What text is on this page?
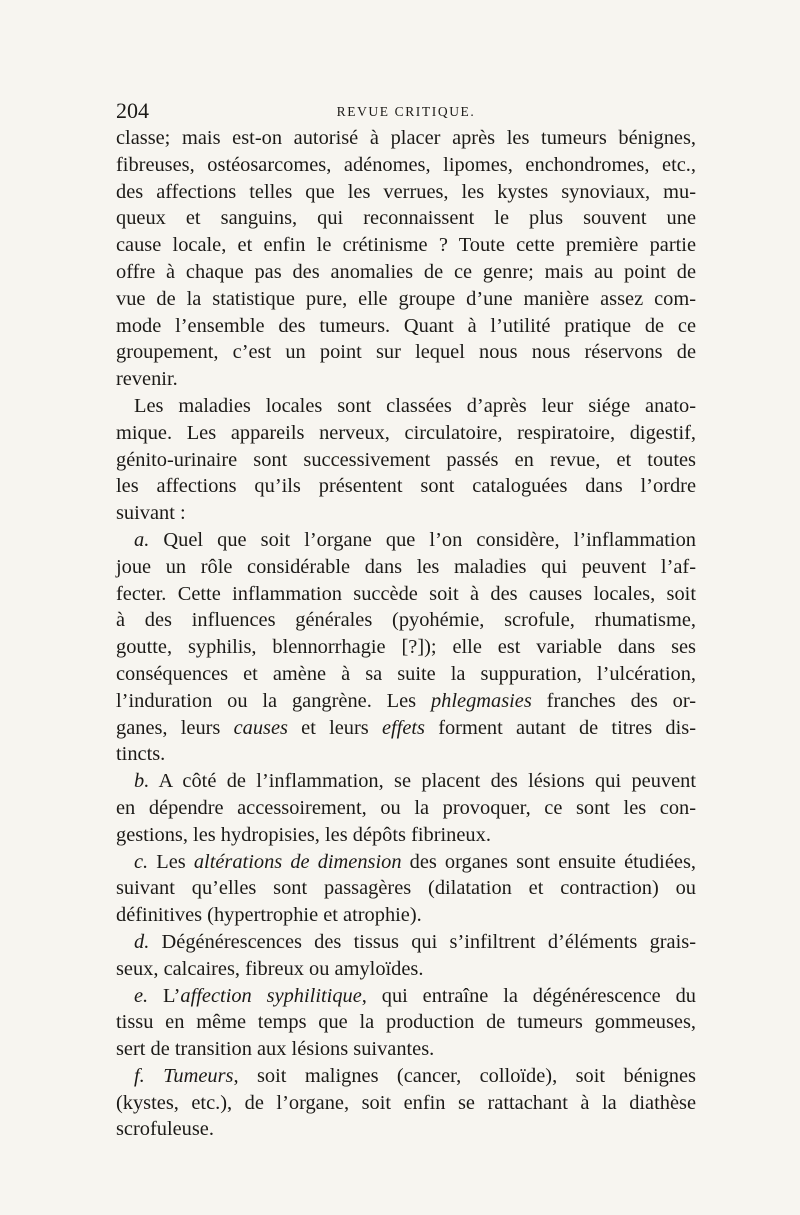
204	REVUE CRITIQUE.
classe; mais est-on autorisé à placer après les tumeurs bénignes,
fibreuses, ostéosarcomes, adénomes, lipomes, enchondromes, etc.,
des affections telles que les verrues, les kystes synoviaux, mu-
queux et sanguins, qui reconnaissent le plus souvent une
cause locale, et enfin le crétinisme ? Toute cette première partie
offre à chaque pas des anomalies de ce genre; mais au point de
vue de la statistique pure, elle groupe d’une manière assez com-
mode l’ensemble des tumeurs. Quant à l’utilité pratique de ce
groupement, c’est un point sur lequel nous nous réservons de
revenir.
Les maladies locales sont classées d’après leur siége anato-
mique. Les appareils nerveux, circulatoire, respiratoire, digestif,
génito-urinaire sont successivement passés en revue, et toutes
les affections qu’ils présentent sont cataloguées dans l’ordre
suivant :
a. Quel que soit l’organe que l’on considère, l’inflammation
joue un rôle considérable dans les maladies qui peuvent l’af-
fecter. Cette inflammation succède soit à des causes locales, soit
à des influences générales (pyohémie, scrofule, rhumatisme,
goutte, syphilis, blennorrhagie [?]); elle est variable dans ses
conséquences et amène à sa suite la suppuration, l’ulcération,
l’induration ou la gangrène. Les phlegmasies franches des or-
ganes, leurs causes et leurs effets forment autant de titres dis-
tincts.
b. A côté de l’inflammation, se placent des lésions qui peuvent
en dépendre accessoirement, ou la provoquer, ce sont les con-
gestions, les hydropisies, les dépôts fibrineux.
c. Les altérations de dimension des organes sont ensuite étudiées,
suivant qu’elles sont passagères (dilatation et contraction) ou
définitives (hypertrophie et atrophie).
d. Dégénérescences des tissus qui s’infiltrent d’éléments grais-
seux, calcaires, fibreux ou amyloïdes.
e. L’affection syphilitique, qui entraîne la dégénérescence du
tissu en même temps que la production de tumeurs gommeuses,
sert de transition aux lésions suivantes.
f. Tumeurs, soit malignes (cancer, colloïde), soit bénignes
(kystes, etc.), de l’organe, soit enfin se rattachant à la diathèse
scrofuleuse.
